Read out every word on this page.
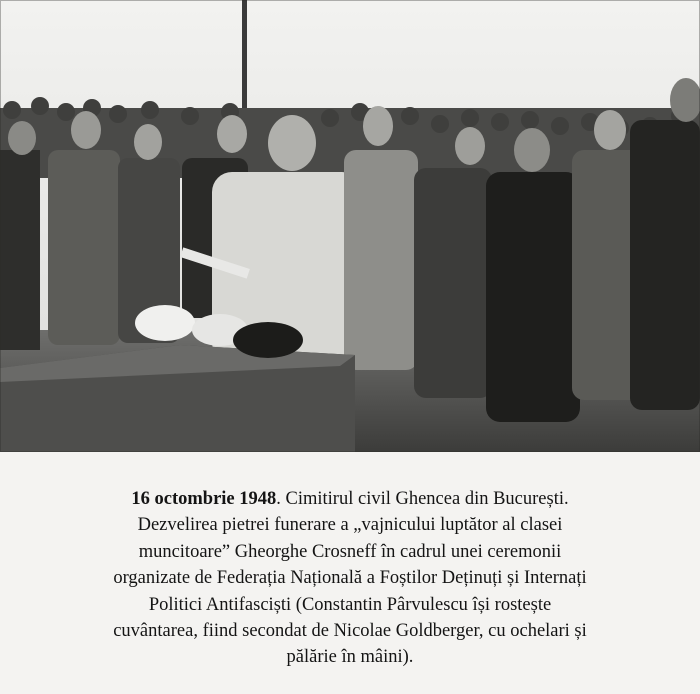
16 octombrie 1948. Cimitirul civil Ghencea din București.
Dezvelirea pietrei funerare a „vajnicului luptător al clasei
muncitoare” Gheorghe Crosneff în cadrul unei ceremonii
organizate de Federația Națională a Foștilor Deținuți și Internați
Politici Antifasciști (Constantin Pârvulescu își rostește
cuvântarea, fiind secondat de Nicolae Goldberger, cu ochelari și
pălărie în mâini).
